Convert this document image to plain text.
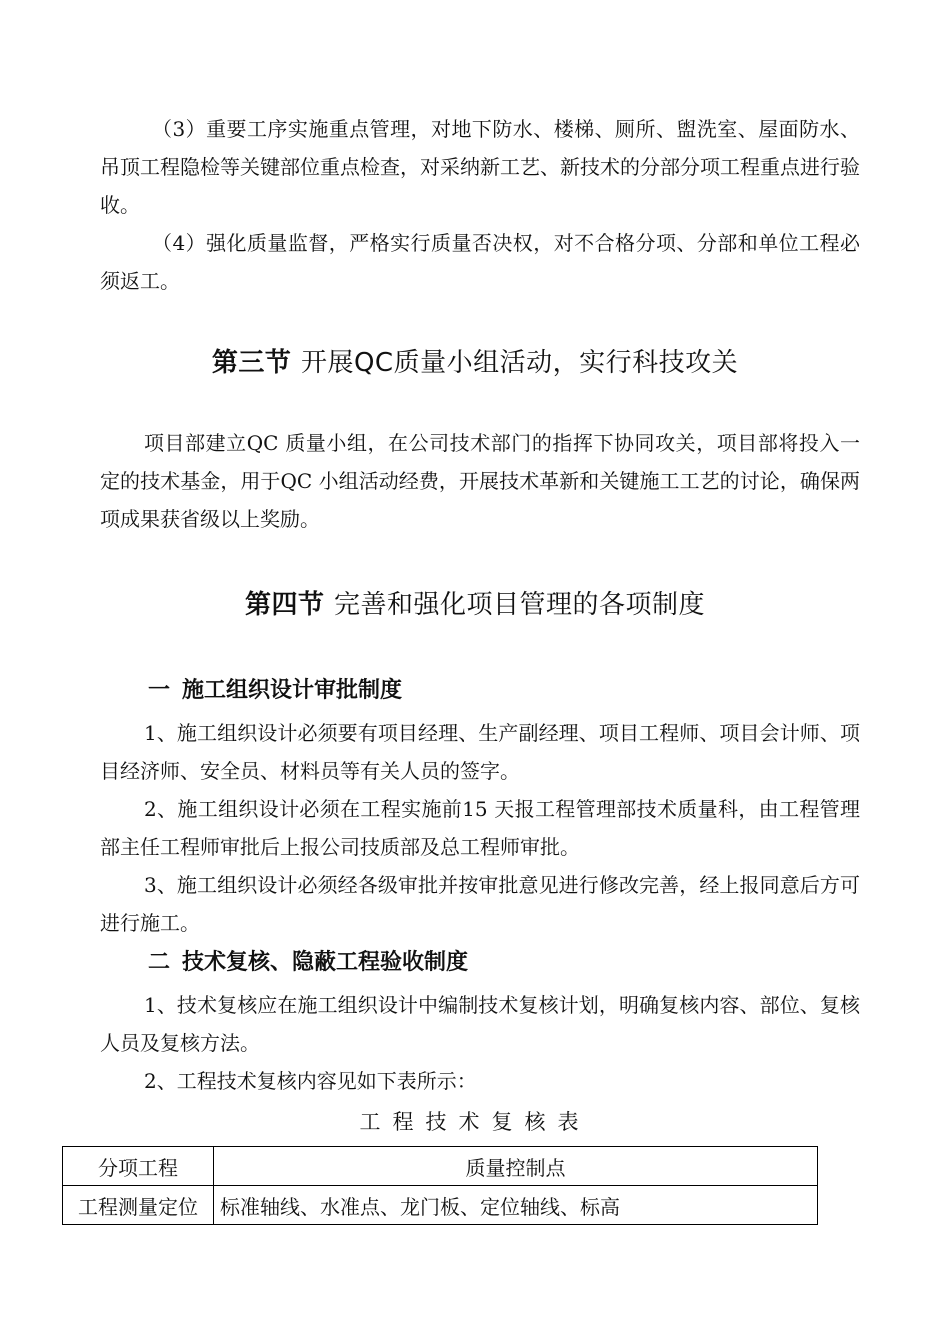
（3）重要工序实施重点管理，对地下防水、楼梯、厕所、盥洗室、屋面防水、吊顶工程隐检等关键部位重点检查，对采纳新工艺、新技术的分部分项工程重点进行验收。

（4）强化质量监督，严格实行质量否决权，对不合格分项、分部和单位工程必须返工。

第三节 开展QC质量小组活动，实行科技攻关

项目部建立QC 质量小组，在公司技术部门的指挥下协同攻关，项目部将投入一定的技术基金，用于QC 小组活动经费，开展技术革新和关键施工工艺的讨论，确保两项成果获省级以上奖励。

第四节 完善和强化项目管理的各项制度
一 施工组织设计审批制度

1、施工组织设计必须要有项目经理、生产副经理、项目工程师、项目会计师、项目经济师、安全员、材料员等有关人员的签字。

2、施工组织设计必须在工程实施前15 天报工程管理部技术质量科，由工程管理部主任工程师审批后上报公司技质部及总工程师审批。

3、施工组织设计必须经各级审批并按审批意见进行修改完善，经上报同意后方可进行施工。

二 技术复核、隐蔽工程验收制度

1、技术复核应在施工组织设计中编制技术复核计划，明确复核内容、部位、复核人员及复核方法。

2、工程技术复核内容见如下表所示：

工程技术复核表

分项工程	质量控制点
工程测量定位	标准轴线、水准点、龙门板、定位轴线、标高
